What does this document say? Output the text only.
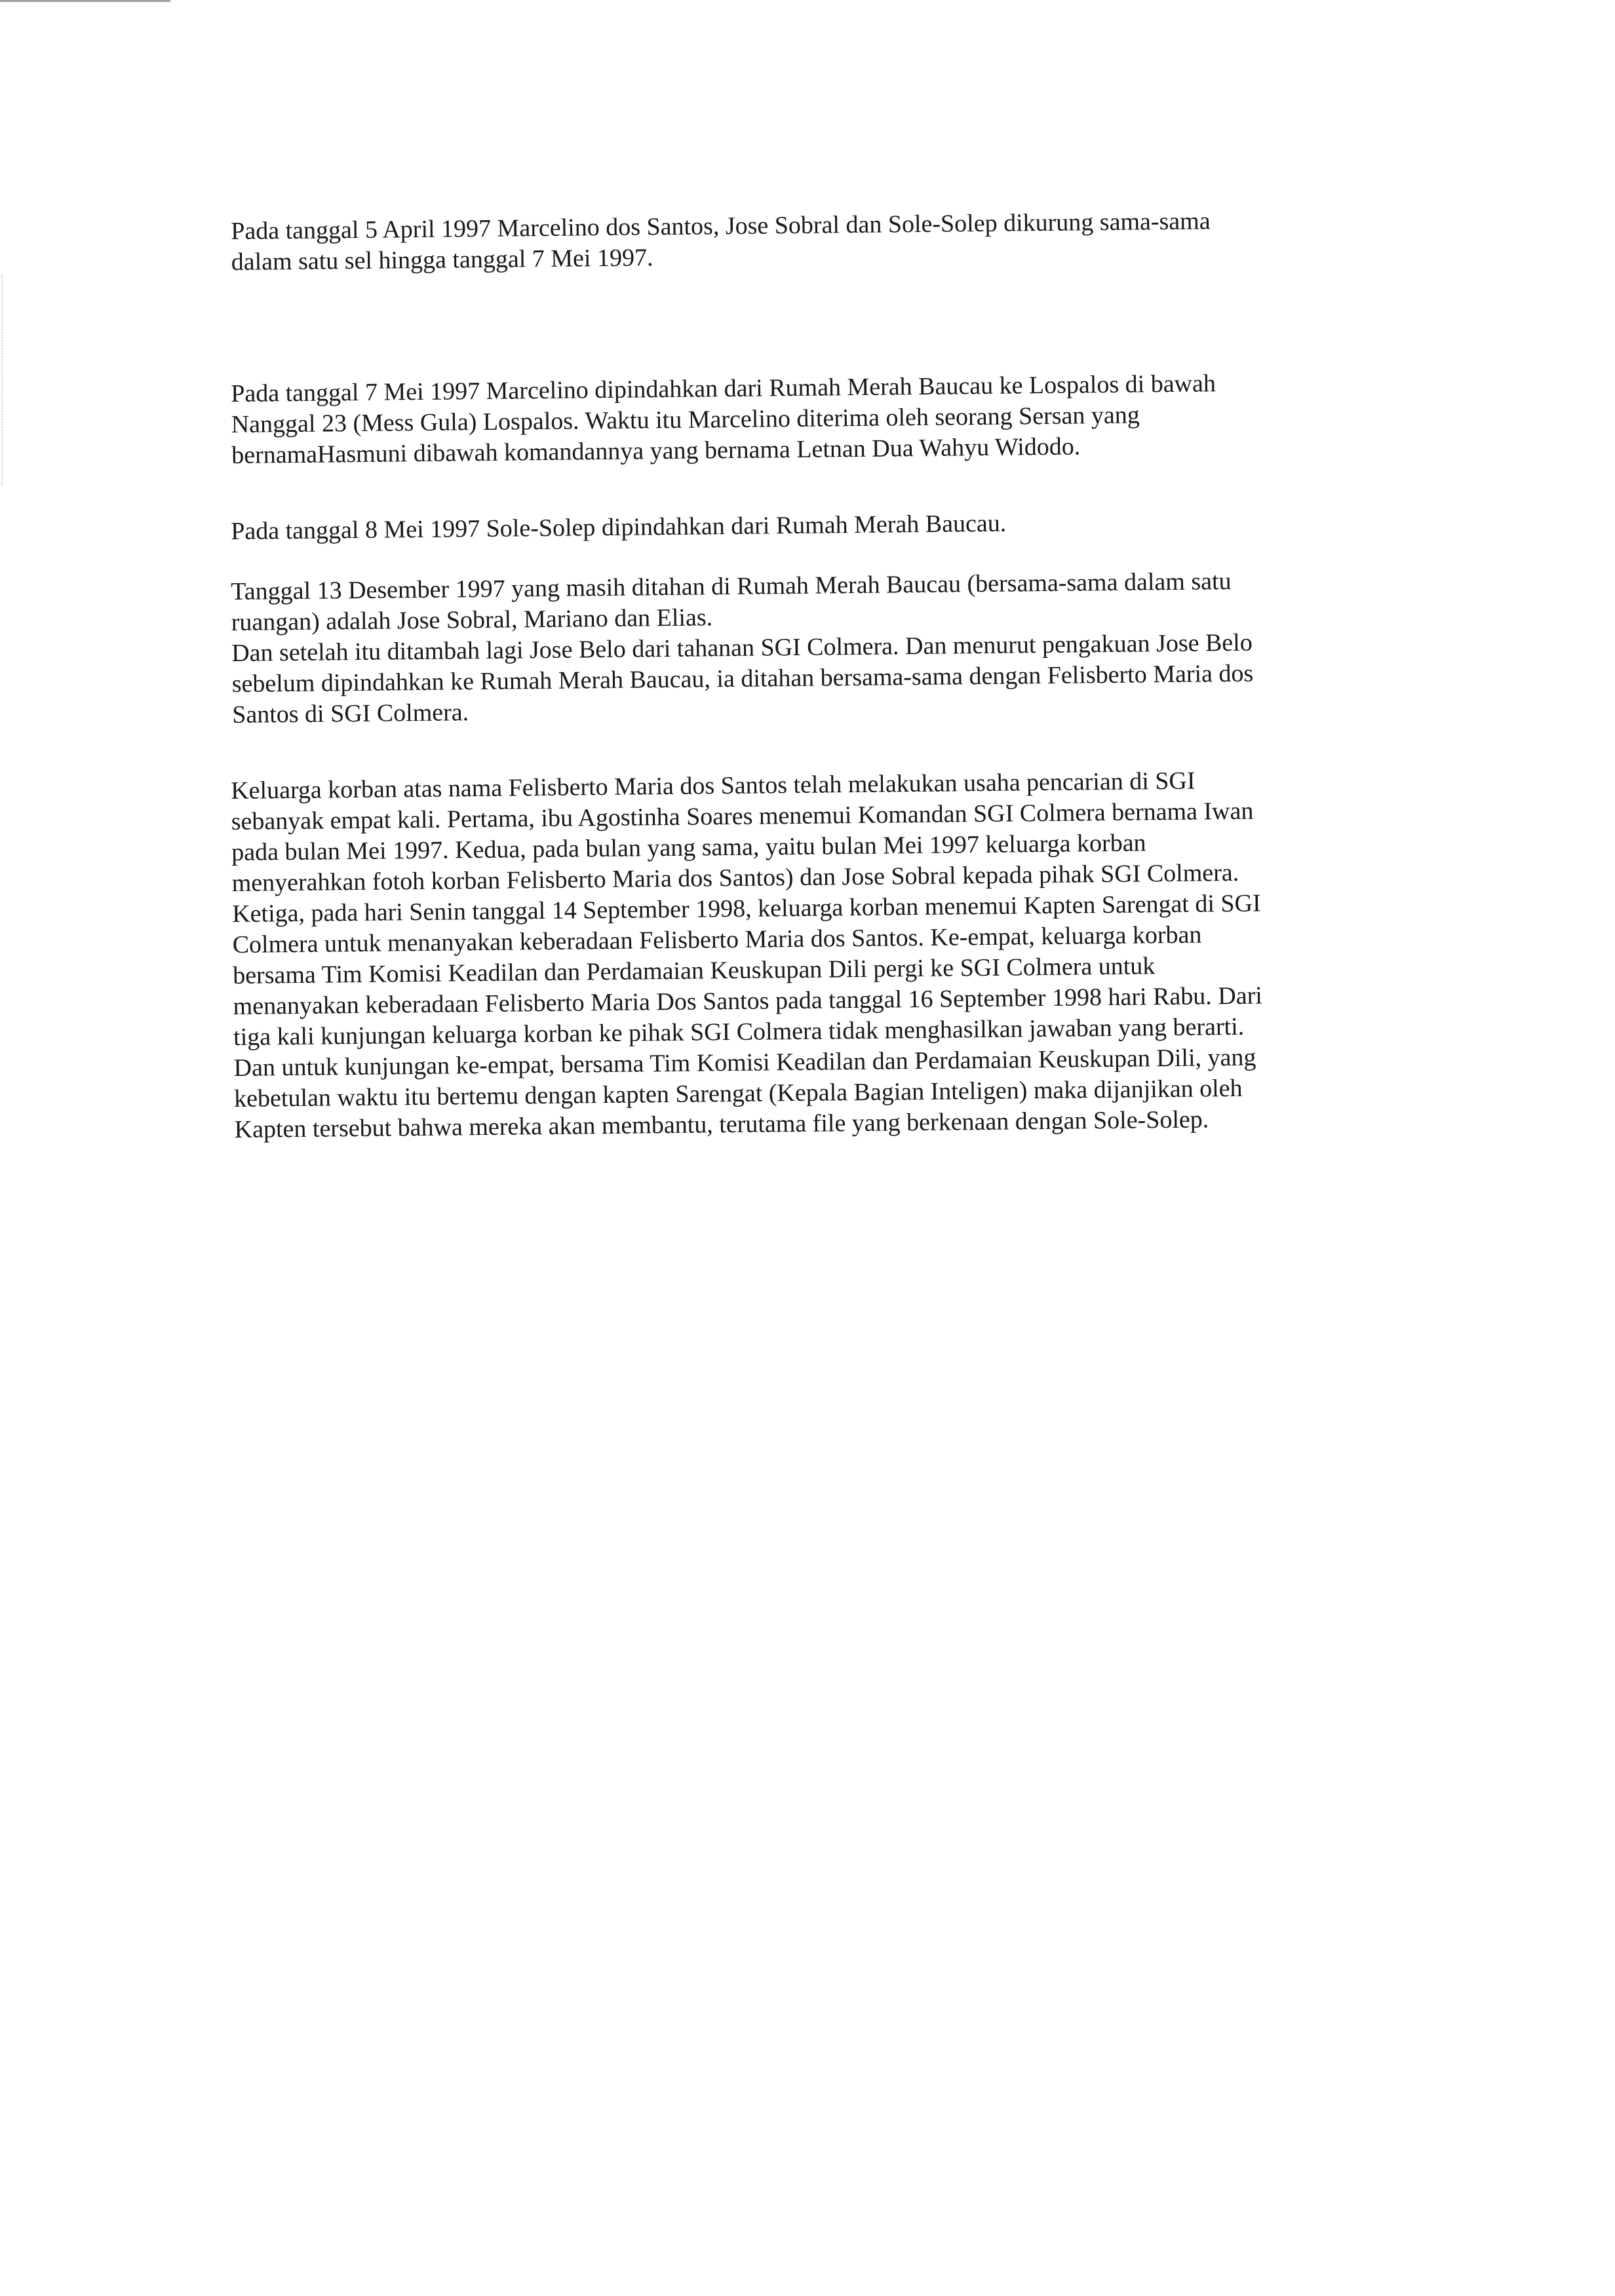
Pada tanggal 5 April 1997 Marcelino dos Santos, Jose Sobral dan Sole-Solep dikurung sama-sama
dalam satu sel hingga tanggal 7 Mei 1997.

Pada tanggal 7 Mei 1997 Marcelino dipindahkan dari Rumah Merah Baucau ke Lospalos di bawah
Nanggal 23 (Mess Gula) Lospalos. Waktu itu Marcelino diterima oleh seorang Sersan yang
bernamaHasmuni dibawah komandannya yang bernama Letnan Dua Wahyu Widodo.

Pada tanggal 8 Mei 1997 Sole-Solep dipindahkan dari Rumah Merah Baucau.

Tanggal 13 Desember 1997 yang masih ditahan di Rumah Merah Baucau (bersama-sama dalam satu
ruangan) adalah Jose Sobral, Mariano dan Elias.
Dan setelah itu ditambah lagi Jose Belo dari tahanan SGI Colmera. Dan menurut pengakuan Jose Belo
sebelum dipindahkan ke Rumah Merah Baucau, ia ditahan bersama-sama dengan Felisberto Maria dos
Santos di SGI Colmera.

Keluarga korban atas nama Felisberto Maria dos Santos telah melakukan usaha pencarian di SGI
sebanyak empat kali. Pertama, ibu Agostinha Soares menemui Komandan SGI Colmera bernama Iwan
pada bulan Mei 1997. Kedua, pada bulan yang sama, yaitu bulan Mei 1997 keluarga korban
menyerahkan fotoh korban Felisberto Maria dos Santos) dan Jose Sobral kepada pihak SGI Colmera.
Ketiga, pada hari Senin tanggal 14 September 1998, keluarga korban menemui Kapten Sarengat di SGI
Colmera untuk menanyakan keberadaan Felisberto Maria dos Santos. Ke-empat, keluarga korban
bersama Tim Komisi Keadilan dan Perdamaian Keuskupan Dili pergi ke SGI Colmera untuk
menanyakan keberadaan Felisberto Maria Dos Santos pada tanggal 16 September 1998 hari Rabu. Dari
tiga kali kunjungan keluarga korban ke pihak SGI Colmera tidak menghasilkan jawaban yang berarti.
Dan untuk kunjungan ke-empat, bersama Tim Komisi Keadilan dan Perdamaian Keuskupan Dili, yang
kebetulan waktu itu bertemu dengan kapten Sarengat (Kepala Bagian Inteligen) maka dijanjikan oleh
Kapten tersebut bahwa mereka akan membantu, terutama file yang berkenaan dengan Sole-Solep.
